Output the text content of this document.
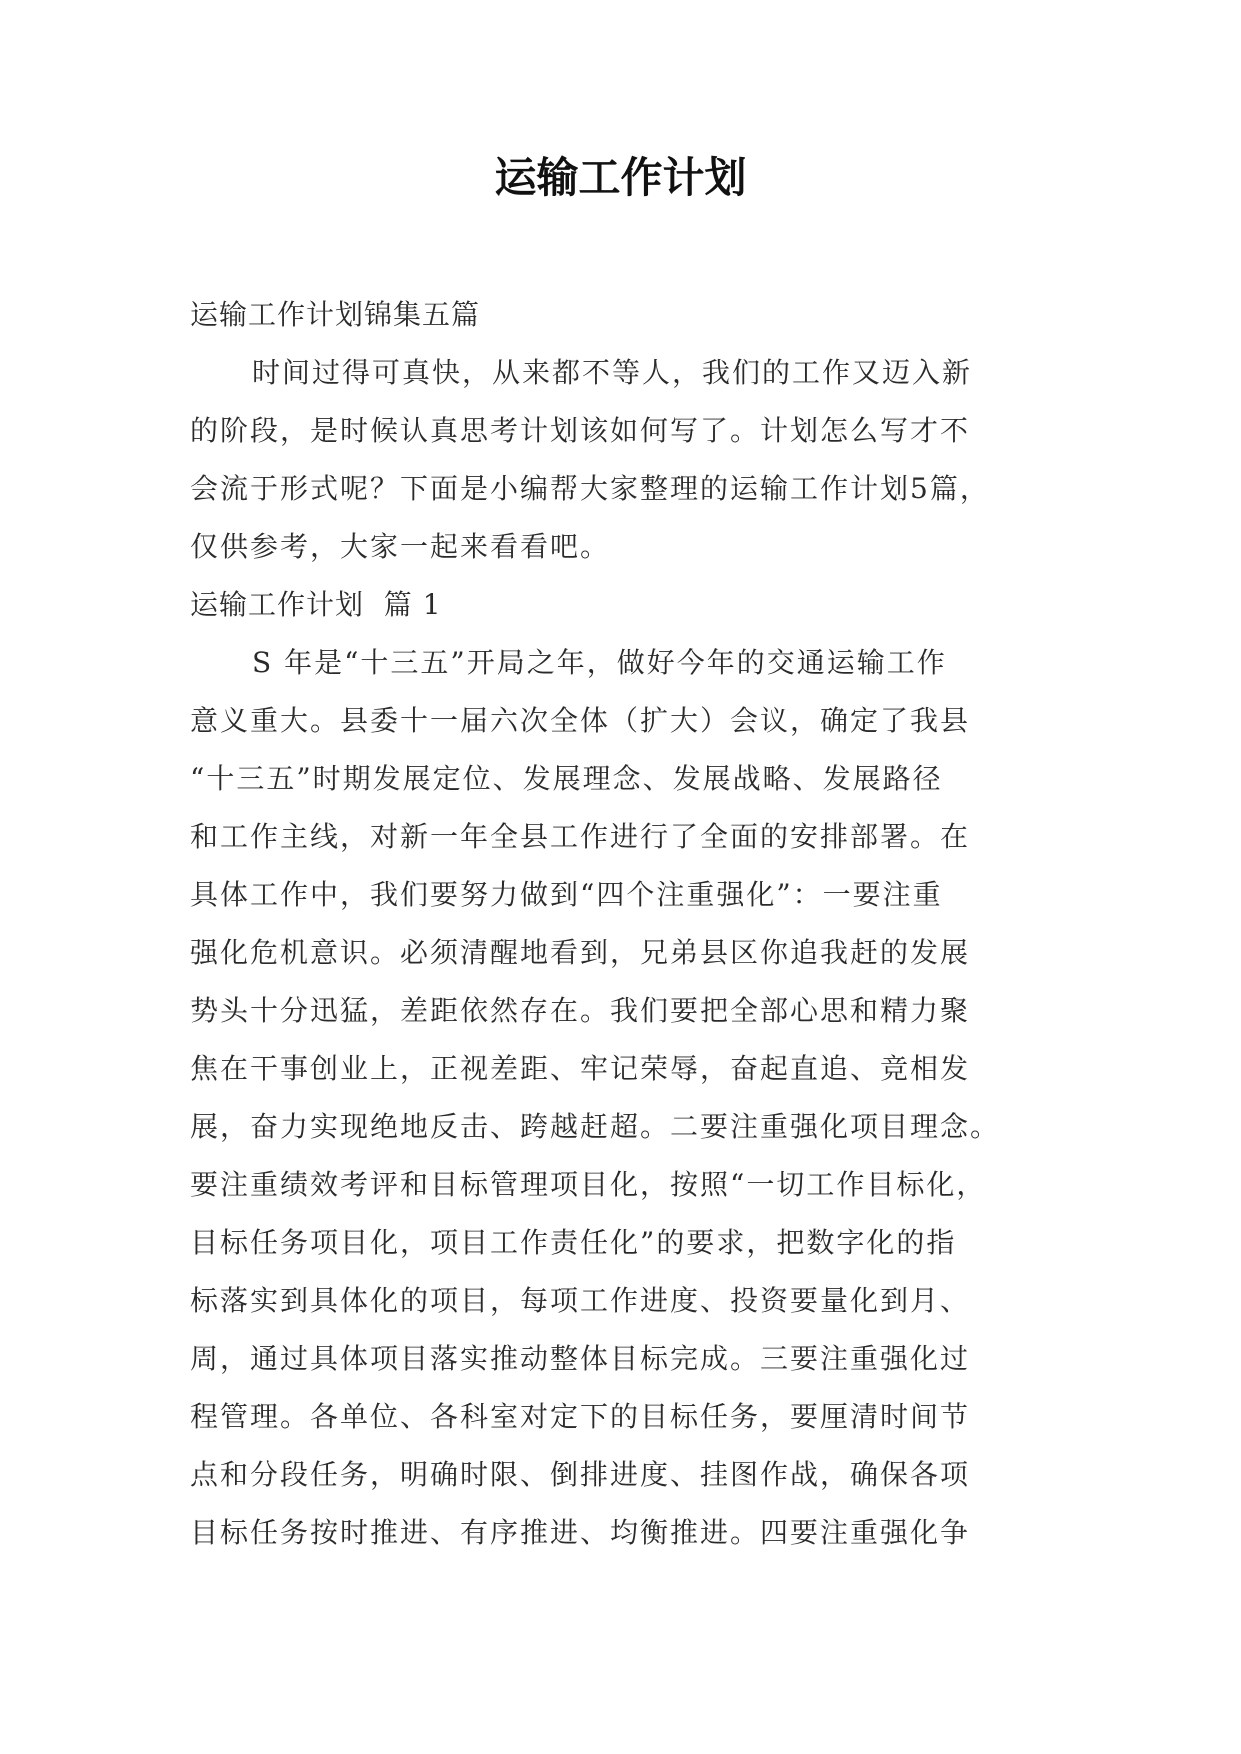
运输工作计划

运输工作计划锦集五篇

时间过得可真快，从来都不等人，我们的工作又迈入新

的阶段，是时候认真思考计划该如何写了。计划怎么写才不

会流于形式呢？下面是小编帮大家整理的运输工作计划5篇，

仅供参考，大家一起来看看吧。

运输工作计划  篇 1

S 年是“十三五”开局之年，做好今年的交通运输工作

意义重大。县委十一届六次全体（扩大）会议，确定了我县

“十三五”时期发展定位、发展理念、发展战略、发展路径

和工作主线，对新一年全县工作进行了全面的安排部署。在

具体工作中，我们要努力做到“四个注重强化”：一要注重

强化危机意识。必须清醒地看到，兄弟县区你追我赶的发展

势头十分迅猛，差距依然存在。我们要把全部心思和精力聚

焦在干事创业上，正视差距、牢记荣辱，奋起直追、竞相发

展，奋力实现绝地反击、跨越赶超。二要注重强化项目理念。

要注重绩效考评和目标管理项目化，按照“一切工作目标化，

目标任务项目化，项目工作责任化”的要求，把数字化的指

标落实到具体化的项目，每项工作进度、投资要量化到月、

周，通过具体项目落实推动整体目标完成。三要注重强化过

程管理。各单位、各科室对定下的目标任务，要厘清时间节

点和分段任务，明确时限、倒排进度、挂图作战，确保各项

目标任务按时推进、有序推进、均衡推进。四要注重强化争
